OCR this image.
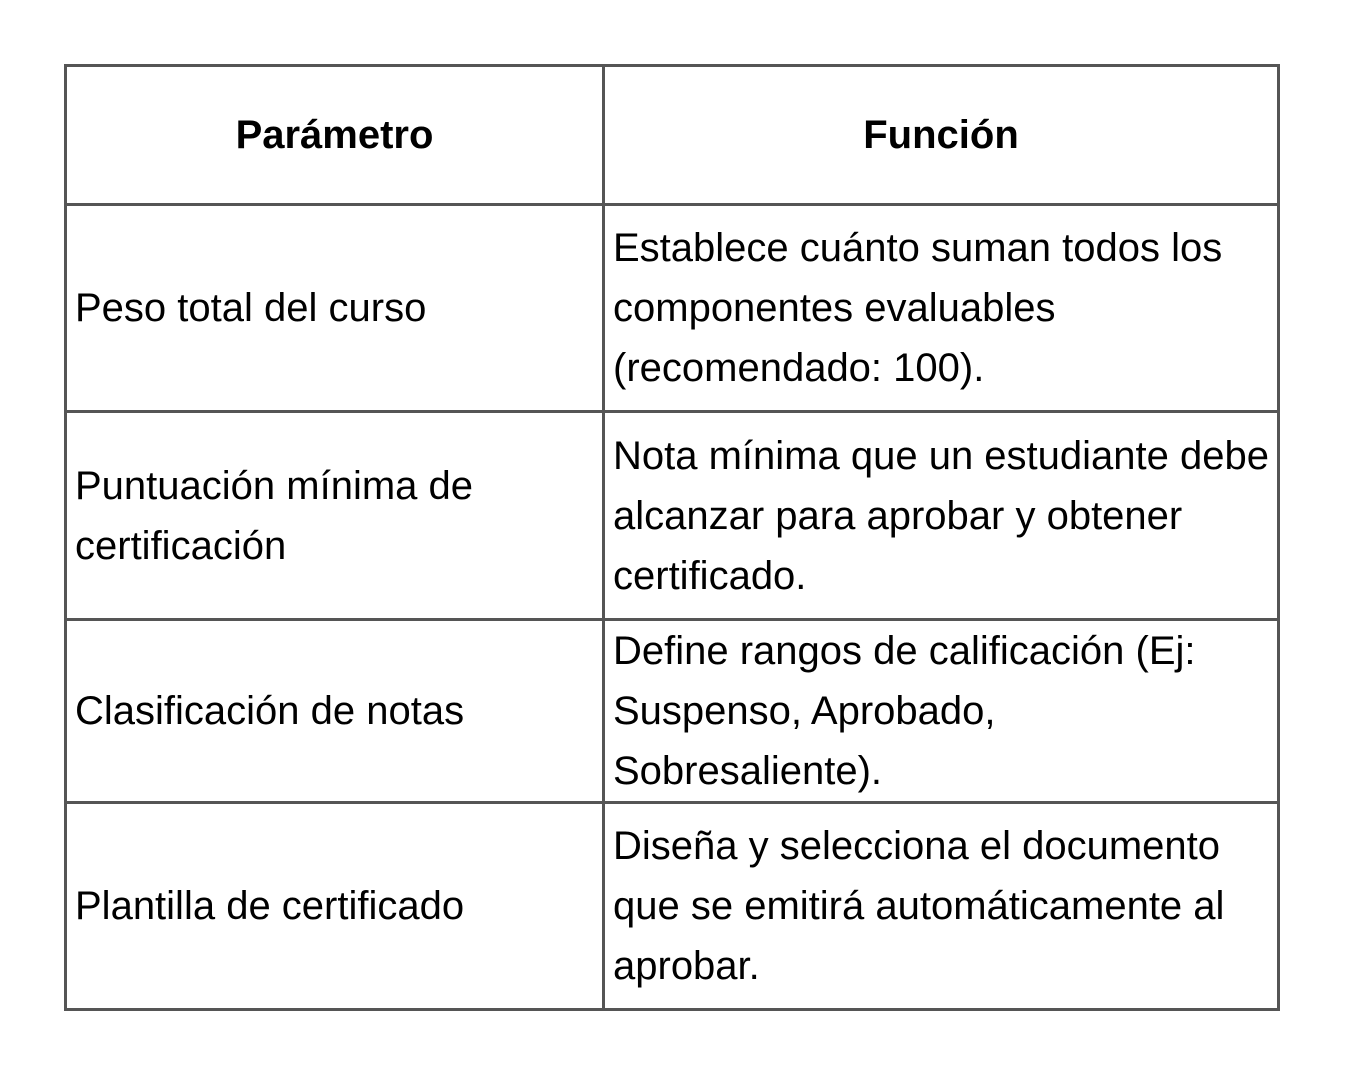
Parámetro	Función
Peso total del curso	Establece cuánto suman todos los componentes evaluables (recomendado: 100).
Puntuación mínima de certificación	Nota mínima que un estudiante debe alcanzar para aprobar y obtener certificado.
Clasificación de notas	Define rangos de calificación (Ej: Suspenso, Aprobado, Sobresaliente).
Plantilla de certificado	Diseña y selecciona el documento que se emitirá automáticamente al aprobar.
